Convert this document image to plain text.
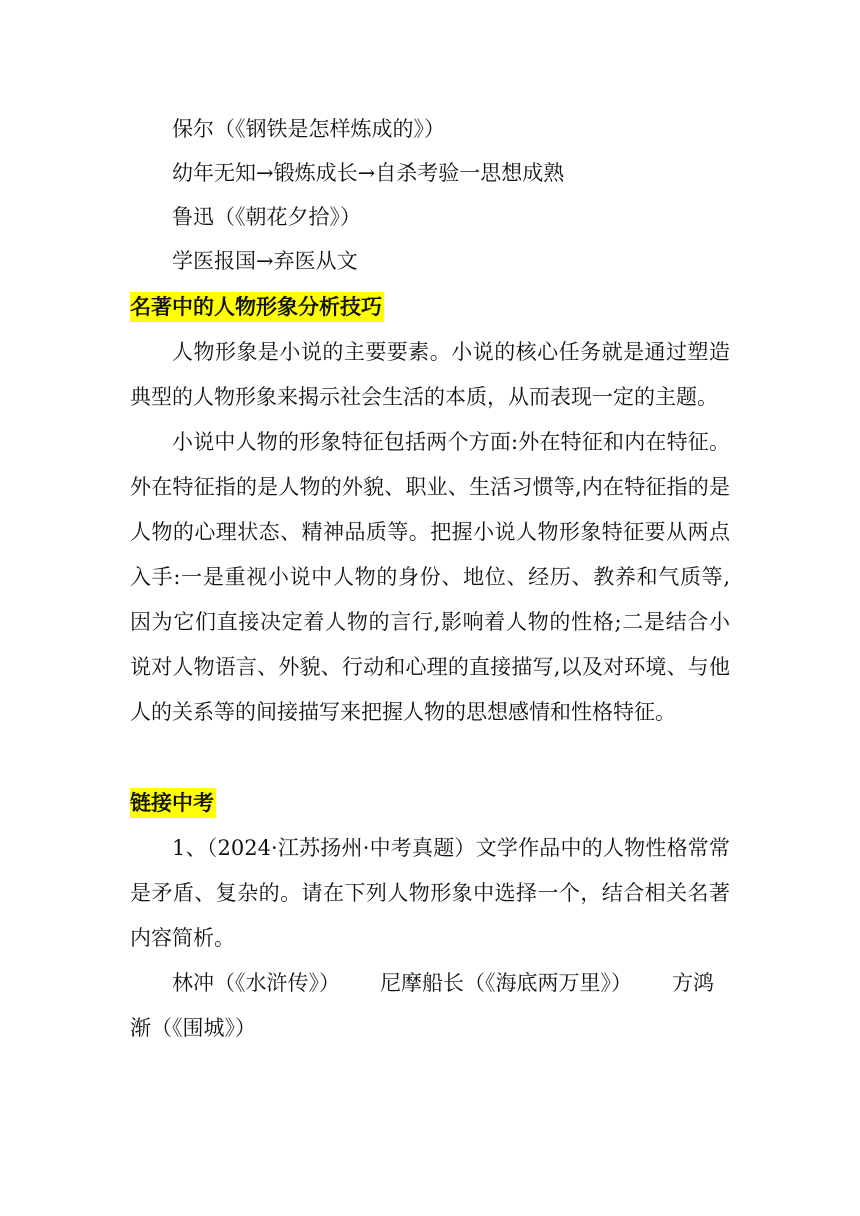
保尔（《钢铁是怎样炼成的》）
幼年无知→锻炼成长→自杀考验一思想成熟
鲁迅（《朝花夕拾》）
学医报国→弃医从文
名著中的人物形象分析技巧
人物形象是小说的主要要素。小说的核心任务就是通过塑造典型的人物形象来揭示社会生活的本质，从而表现一定的主题。
小说中人物的形象特征包括两个方面:外在特征和内在特征。外在特征指的是人物的外貌、职业、生活习惯等,内在特征指的是人物的心理状态、精神品质等。把握小说人物形象特征要从两点入手:一是重视小说中人物的身份、地位、经历、教养和气质等,因为它们直接决定着人物的言行,影响着人物的性格;二是结合小说对人物语言、外貌、行动和心理的直接描写,以及对环境、与他人的关系等的间接描写来把握人物的思想感情和性格特征。
链接中考
1、（2024·江苏扬州·中考真题）文学作品中的人物性格常常是矛盾、复杂的。请在下列人物形象中选择一个，结合相关名著内容简析。
林冲（《水浒传》） 尼摩船长（《海底两万里》） 方鸿渐（《围城》）
